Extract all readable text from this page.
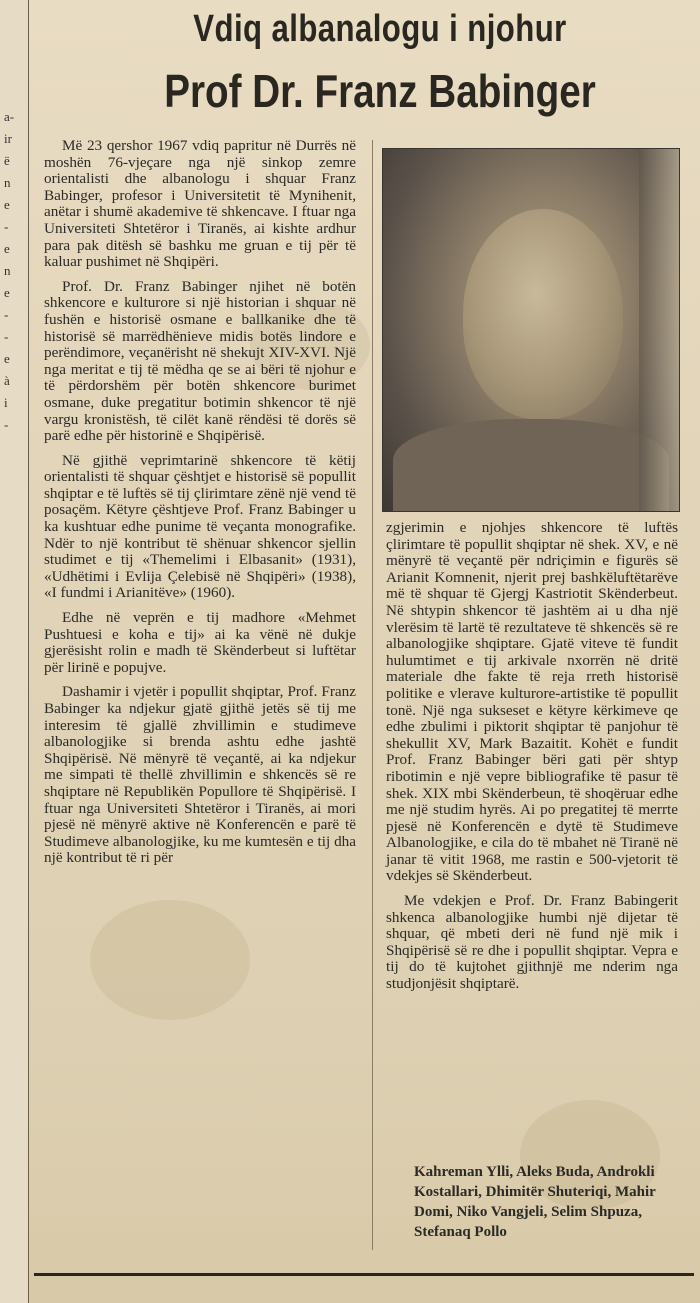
a-
ir
ë
n
e
-
e
n
e
-
-
e
à
i
-
Vdiq albanalogu i njohur
Prof Dr. Franz Babinger

Më 23 qershor 1967 vdiq papritur në Durrës në moshën 76-vjeçare nga një sinkop zemre orientalisti dhe albanologu i shquar Franz Babinger, profesor i Universitetit të Mynihenit, anëtar i shumë akademive të shkencave. I ftuar nga Universiteti Shtetëror i Tiranës, ai kishte ardhur para pak ditësh së bashku me gruan e tij për të kaluar pushimet në Shqipëri.

Prof. Dr. Franz Babinger njihet në botën shkencore e kulturore si një historian i shquar në fushën e historisë osmane e ballkanike dhe të historisë së marrëdhënieve midis botës lindore e perëndimore, veçanërisht në shekujt XIV-XVI. Një nga meritat e tij të mëdha qe se ai bëri të njohur e të përdorshëm për botën shkencore burimet osmane, duke pregatitur botimin shkencor të një vargu kronistësh, të cilët kanë rëndësi të dorës së parë edhe për historinë e Shqipërisë.

Në gjithë veprimtarinë shkencore të këtij orientalisti të shquar çështjet e historisë së popullit shqiptar e të luftës së tij çlirimtare zënë një vend të posaçëm. Këtyre çështjeve Prof. Franz Babinger u ka kushtuar edhe punime të veçanta monografike. Ndër to një kontribut të shënuar shkencor sjellin studimet e tij «Themelimi i Elbasanit» (1931), «Udhëtimi i Evlija Çelebisë në Shqipëri» (1938), «I fundmi i Arianitëve» (1960).

Edhe në veprën e tij madhore «Mehmet Pushtuesi e koha e tij» ai ka vënë në dukje gjerësisht rolin e madh të Skënderbeut si luftëtar për lirinë e popujve.

Dashamir i vjetër i popullit shqiptar, Prof. Franz Babinger ka ndjekur gjatë gjithë jetës së tij me interesim të gjallë zhvillimin e studimeve albanologjike si brenda ashtu edhe jashtë Shqipërisë. Në mënyrë të veçantë, ai ka ndjekur me simpati të thellë zhvillimin e shkencës së re shqiptare në Republikën Popullore të Shqipërisë. I ftuar nga Universiteti Shtetëror i Tiranës, ai mori pjesë në mënyrë aktive në Konferencën e parë të Studimeve albanologjike, ku me kumtesën e tij dha një kontribut të ri për

zgjerimin e njohjes shkencore të luftës çlirimtare të popullit shqiptar në shek. XV, e në mënyrë të veçantë për ndriçimin e figurës së Arianit Komnenit, njerit prej bashkëluftëtarëve më të shquar të Gjergj Kastriotit Skënderbeut. Në shtypin shkencor të jashtëm ai u dha një vlerësim të lartë të rezultateve të shkencës së re albanologjike shqiptare. Gjatë viteve të fundit hulumtimet e tij arkivale nxorrën në dritë materiale dhe fakte të reja rreth historisë politike e vlerave kulturore-artistike të popullit tonë. Një nga sukseset e këtyre kërkimeve qe edhe zbulimi i piktorit shqiptar të panjohur të shekullit XV, Mark Bazaitit. Kohët e fundit Prof. Franz Babinger bëri gati për shtyp ribotimin e një vepre bibliografike të pasur të shek. XIX mbi Skënderbeun, të shoqëruar edhe me një studim hyrës. Ai po pregatitej të merrte pjesë në Konferencën e dytë të Studimeve Albanologjike, e cila do të mbahet në Tiranë në janar të vitit 1968, me rastin e 500-vjetorit të vdekjes së Skënderbeut.

Me vdekjen e Prof. Dr. Franz Babingerit shkenca albanologjike humbi një dijetar të shquar, që mbeti deri në fund një mik i Shqipërisë së re dhe i popullit shqiptar. Vepra e tij do të kujtohet gjithnjë me nderim nga studjonjësit shqiptarë.

Kahreman Ylli, Aleks Buda, Androkli Kostallari, Dhimitër Shuteriqi, Mahir Domi, Niko Vangjeli, Selim Shpuza, Stefanaq Pollo
